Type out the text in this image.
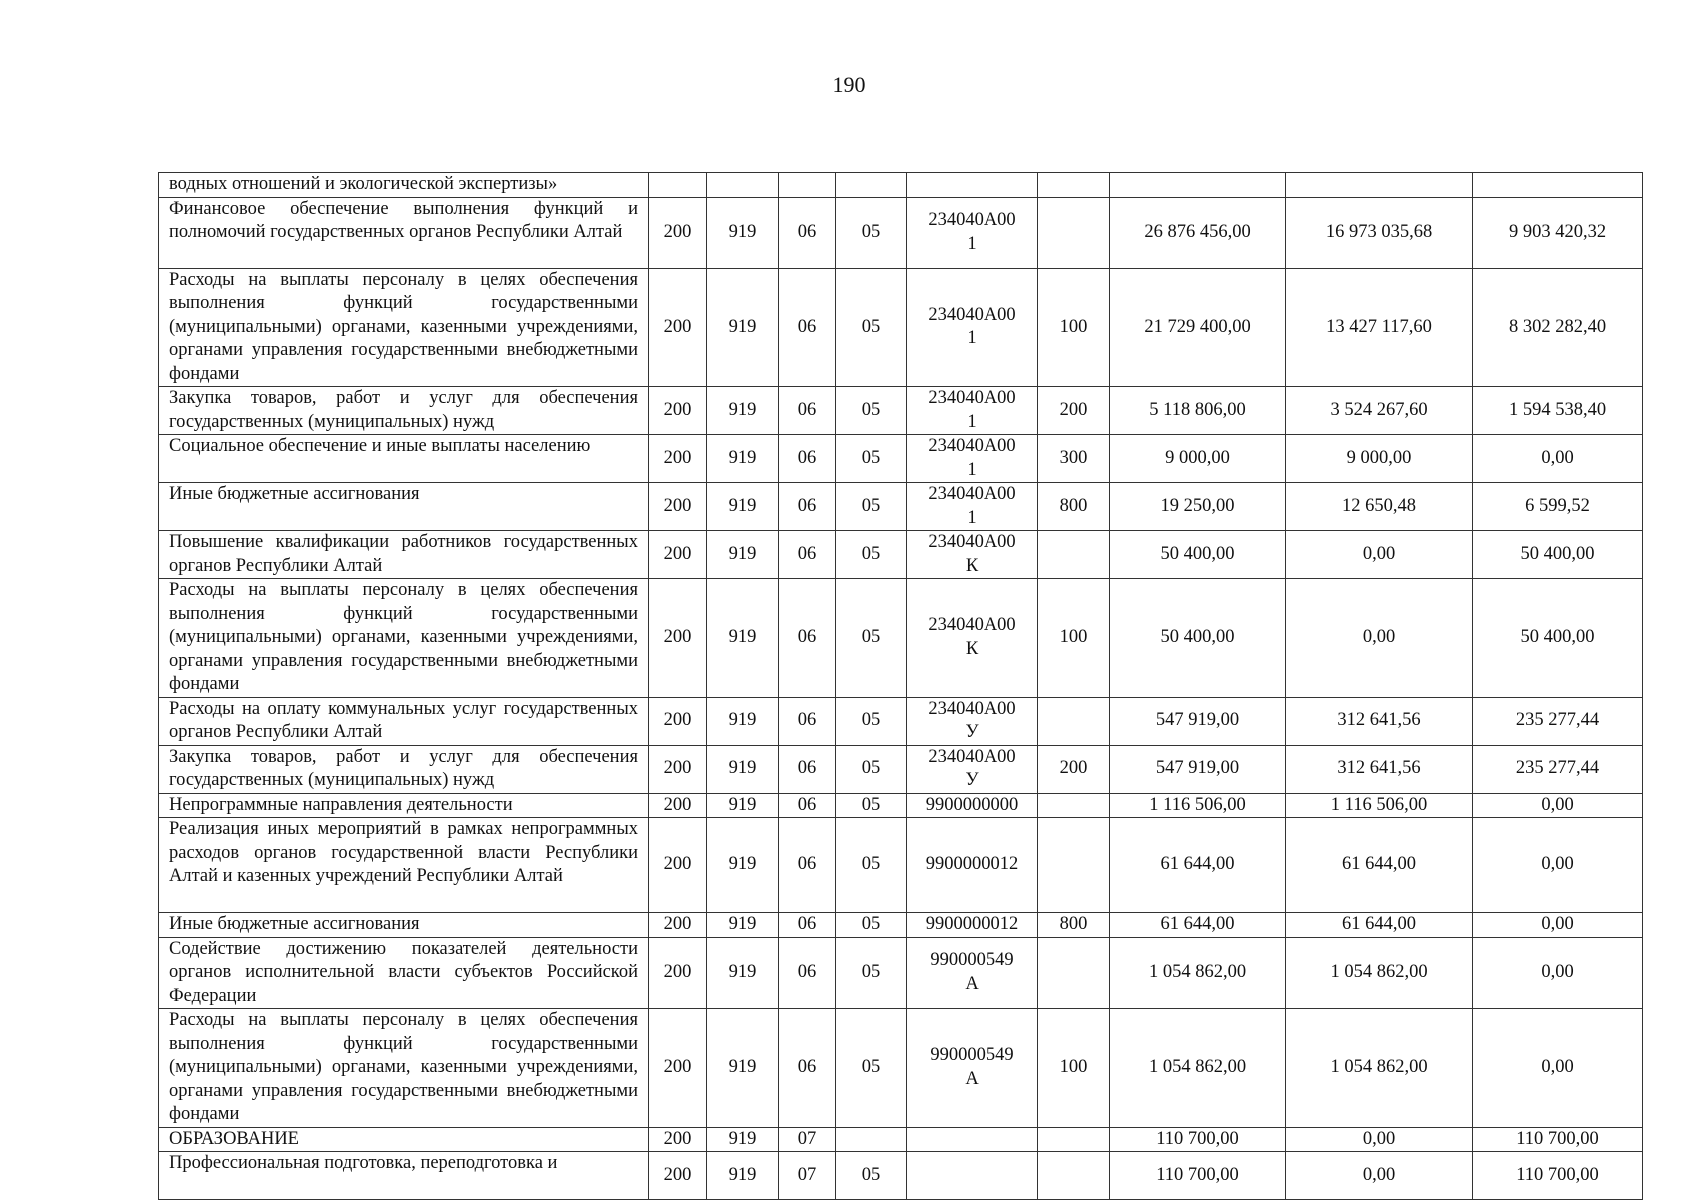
190
водных отношений и экологической экспертизы»									
Финансовое обеспечение выполнения функций и полномочий государственных органов Республики Алтай	200	919	06	05	234040А001		26 876 456,00	16 973 035,68	9 903 420,32
Расходы на выплаты персоналу в целях обеспечения выполнения функций государственными (муниципальными) органами, казенными учреждениями, органами управления государственными внебюджетными фондами	200	919	06	05	234040А001	100	21 729 400,00	13 427 117,60	8 302 282,40
Закупка товаров, работ и услуг для обеспечения государственных (муниципальных) нужд	200	919	06	05	234040А001	200	5 118 806,00	3 524 267,60	1 594 538,40
Социальное обеспечение и иные выплаты населению	200	919	06	05	234040А001	300	9 000,00	9 000,00	0,00
Иные бюджетные ассигнования	200	919	06	05	234040А001	800	19 250,00	12 650,48	6 599,52
Повышение квалификации работников государственных органов Республики Алтай	200	919	06	05	234040А00К		50 400,00	0,00	50 400,00
Расходы на выплаты персоналу в целях обеспечения выполнения функций государственными (муниципальными) органами, казенными учреждениями, органами управления государственными внебюджетными фондами	200	919	06	05	234040А00К	100	50 400,00	0,00	50 400,00
Расходы на оплату коммунальных услуг государственных органов Республики Алтай	200	919	06	05	234040А00У		547 919,00	312 641,56	235 277,44
Закупка товаров, работ и услуг для обеспечения государственных (муниципальных) нужд	200	919	06	05	234040А00У	200	547 919,00	312 641,56	235 277,44
Непрограммные направления деятельности	200	919	06	05	9900000000		1 116 506,00	1 116 506,00	0,00
Реализация иных мероприятий в рамках непрограммных расходов органов государственной власти Республики Алтай и казенных учреждений Республики Алтай	200	919	06	05	9900000012		61 644,00	61 644,00	0,00
Иные бюджетные ассигнования	200	919	06	05	9900000012	800	61 644,00	61 644,00	0,00
Содействие достижению показателей деятельности органов исполнительной власти субъектов Российской Федерации	200	919	06	05	990000549А		1 054 862,00	1 054 862,00	0,00
Расходы на выплаты персоналу в целях обеспечения выполнения функций государственными (муниципальными) органами, казенными учреждениями, органами управления государственными внебюджетными фондами	200	919	06	05	990000549А	100	1 054 862,00	1 054 862,00	0,00
ОБРАЗОВАНИЕ	200	919	07				110 700,00	0,00	110 700,00
Профессиональная подготовка, переподготовка и	200	919	07	05			110 700,00	0,00	110 700,00
